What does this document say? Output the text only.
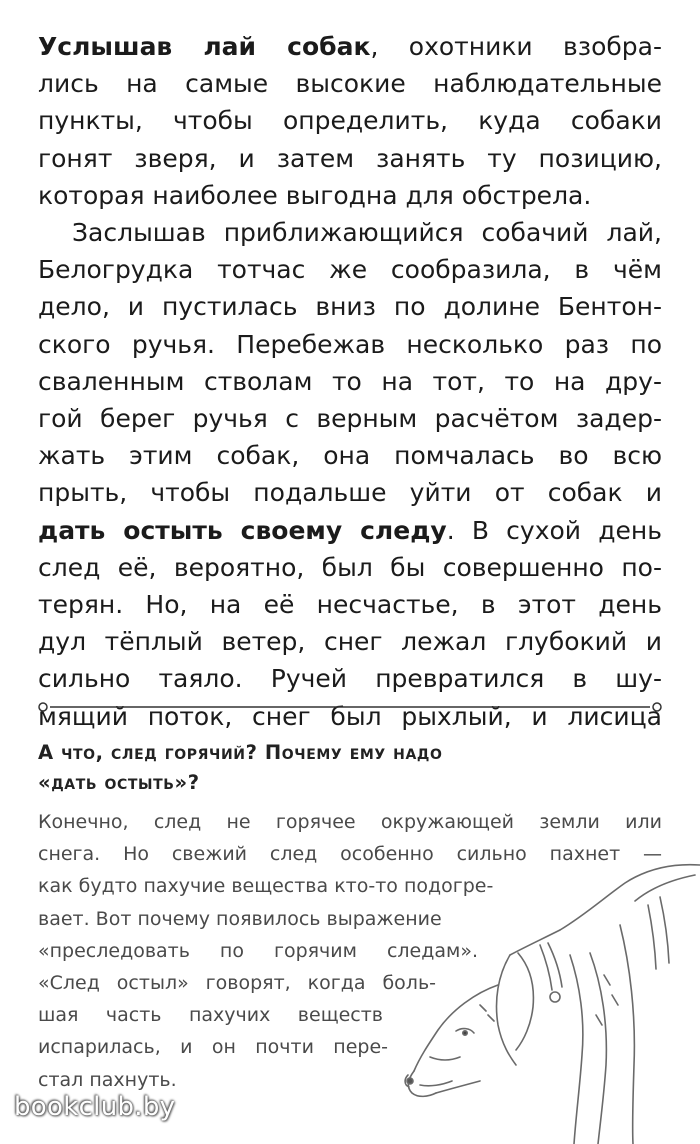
Услышав лай собак, охотники взобра-
лись на самые высокие наблюдательные
пункты, чтобы определить, куда собаки
гонят зверя, и затем занять ту позицию,
которая наиболее выгодна для обстрела.
Заслышав приближающийся собачий лай,
Белогрудка тотчас же сообразила, в чём
дело, и пустилась вниз по долине Бентон-
ского ручья. Перебежав несколько раз по
сваленным стволам то на тот, то на дру-
гой берег ручья с верным расчётом задер-
жать этим собак, она помчалась во всю
прыть, чтобы подальше уйти от собак и
дать остыть своему следу. В сухой день
след её, вероятно, был бы совершенно по-
терян. Но, на её несчастье, в этот день
дул тёплый ветер, снег лежал глубокий и
сильно таяло. Ручей превратился в шу-
мящий поток, снег был рыхлый, и лисица
А что, след горячий? Почему ему надо
«дать остыть»?
Конечно, след не горячее окружающей земли или
снега. Но свежий след особенно сильно пахнет —
как будто пахучие вещества кто-то подогре-
вает. Вот почему появилось выражение
«преследовать по горячим следам».
«След остыл» говорят, когда боль-
шая часть пахучих веществ
испарилась, и он почти пере-
стал пахнуть.
bookclub.by
